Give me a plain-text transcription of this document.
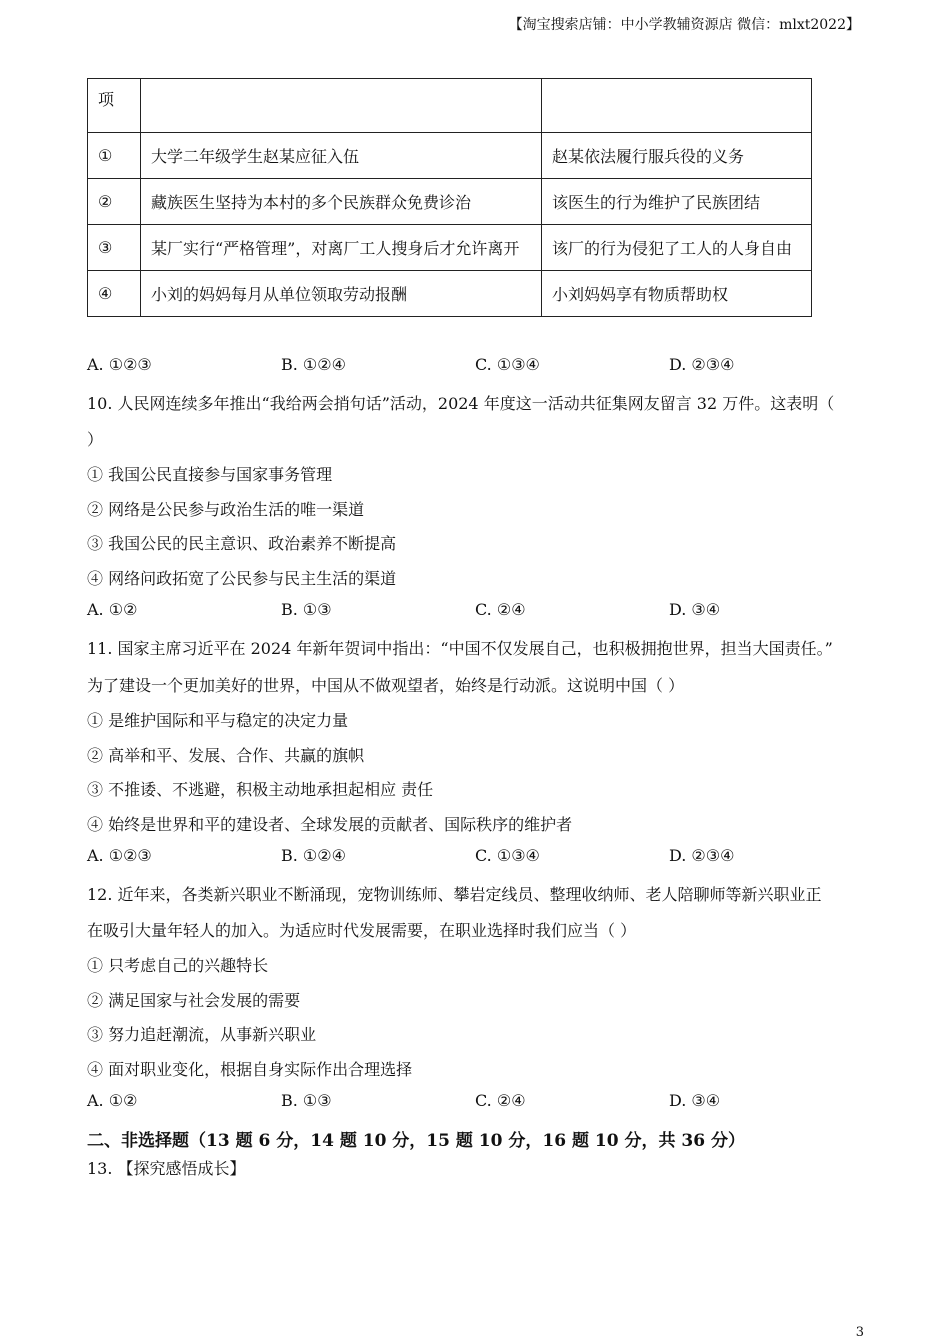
【淘宝搜索店铺：中小学教辅资源店 微信：mlxt2022】
项		
①	大学二年级学生赵某应征入伍	赵某依法履行服兵役的义务
②	藏族医生坚持为本村的多个民族群众免费诊治	该医生的行为维护了民族团结
③	某厂实行“严格管理”，对离厂工人搜身后才允许离开	该厂的行为侵犯了工人的人身自由
④	小刘的妈妈每月从单位领取劳动报酬	小刘妈妈享有物质帮助权
A. ①②③	B. ①②④	C. ①③④	D. ②③④
10. 人民网连续多年推出“我给两会捎句话”活动，2024 年度这一活动共征集网友留言 32 万件。这表明（
）
① 我国公民直接参与国家事务管理
② 网络是公民参与政治生活的唯一渠道
③ 我国公民的民主意识、政治素养不断提高
④ 网络问政拓宽了公民参与民主生活的渠道
A. ①②	B. ①③	C. ②④	D. ③④
11. 国家主席习近平在 2024 年新年贺词中指出：“中国不仅发展自己，也积极拥抱世界，担当大国责任。”
为了建设一个更加美好的世界，中国从不做观望者，始终是行动派。这说明中国（ ）
① 是维护国际和平与稳定的决定力量
② 高举和平、发展、合作、共赢的旗帜
③ 不推诿、不逃避，积极主动地承担起相应 责任
④ 始终是世界和平的建设者、全球发展的贡献者、国际秩序的维护者
A. ①②③	B. ①②④	C. ①③④	D. ②③④
12. 近年来，各类新兴职业不断涌现，宠物训练师、攀岩定线员、整理收纳师、老人陪聊师等新兴职业正
在吸引大量年轻人的加入。为适应时代发展需要，在职业选择时我们应当（ ）
① 只考虑自己的兴趣特长
② 满足国家与社会发展的需要
③ 努力追赶潮流，从事新兴职业
④ 面对职业变化，根据自身实际作出合理选择
A. ①②	B. ①③	C. ②④	D. ③④
二、非选择题（13 题 6 分，14 题 10 分，15 题 10 分，16 题 10 分，共 36 分）
13. 【探究感悟成长】
3
